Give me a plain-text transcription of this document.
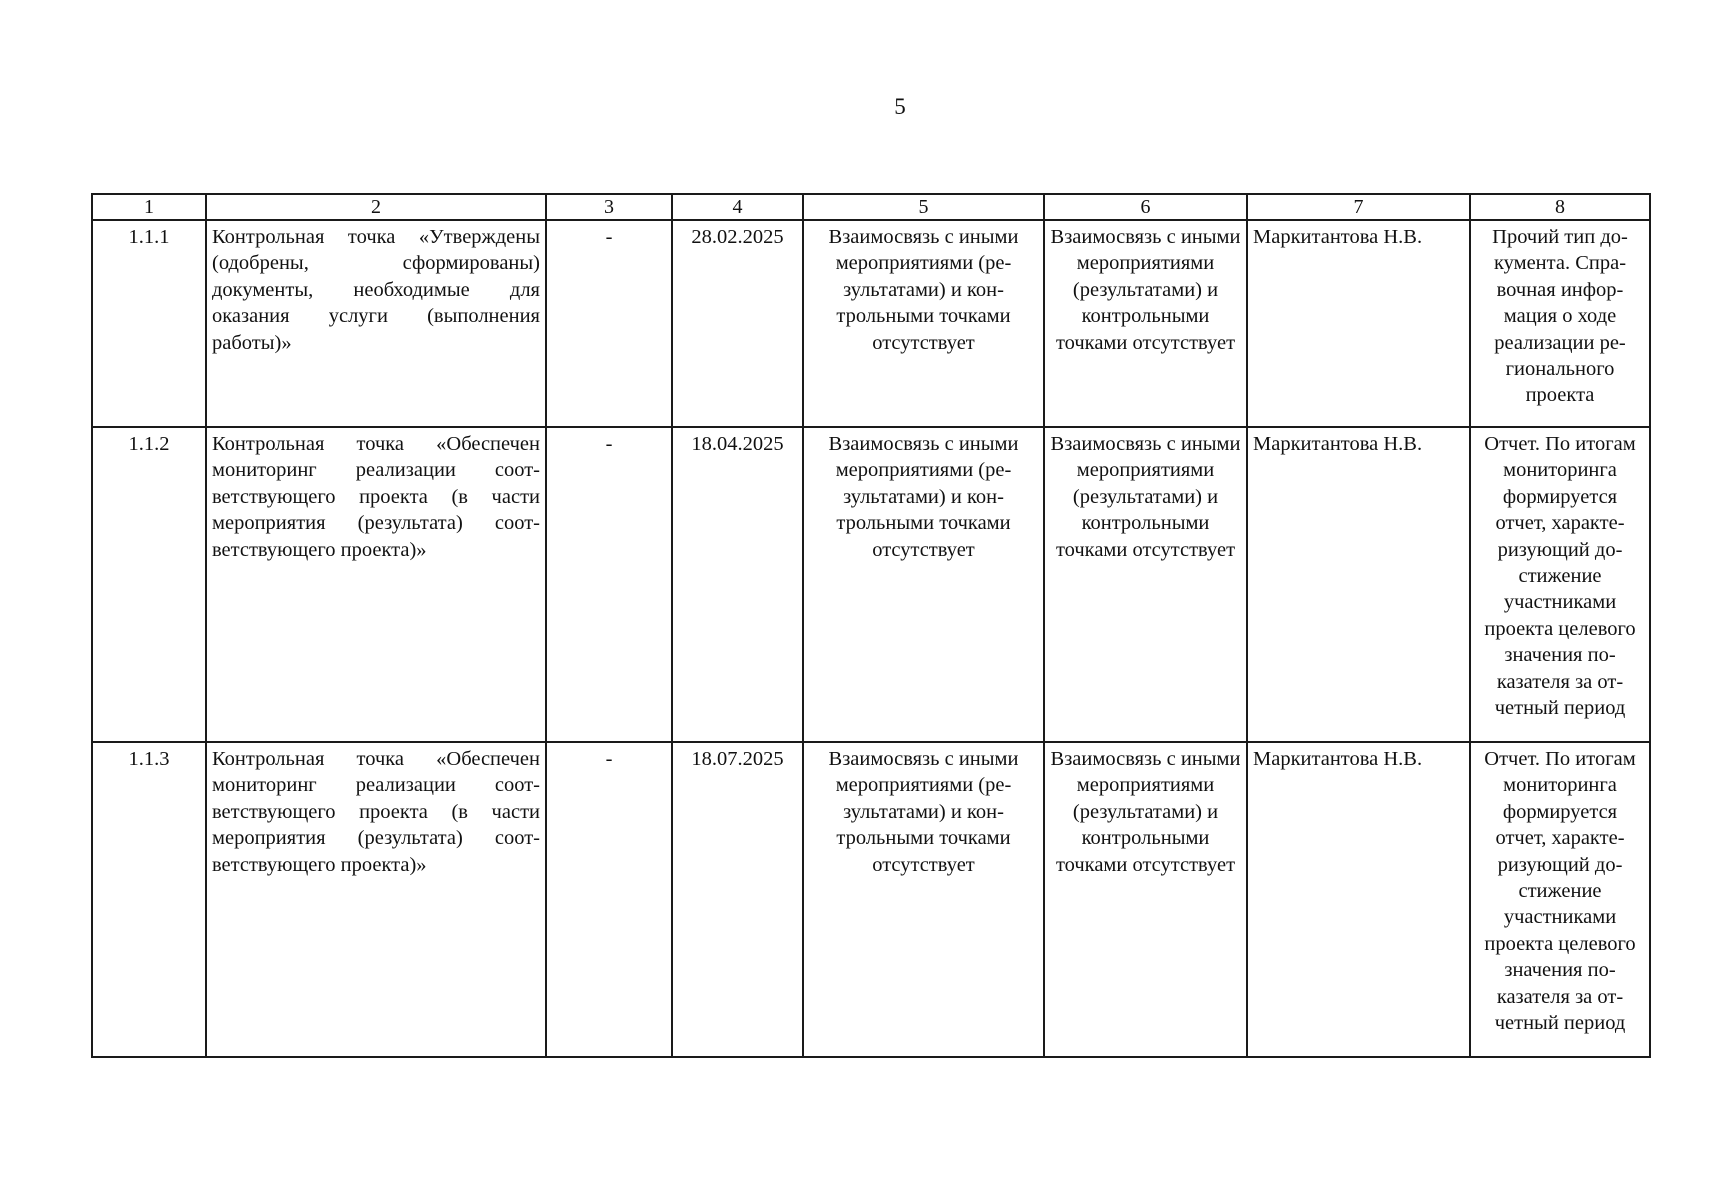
5
1	2	3	4	5	6	7	8
1.1.1	Контрольная точка «Утверждены (одобрены, сформированы) документы, необходимые для оказания услуги (выполнения работы)»	-	28.02.2025	Взаимосвязь с иными мероприятиями (результатами) и контрольными точками отсутствует	Взаимосвязь с иными мероприятиями (результатами) и контрольными точками отсутствует	Маркитантова Н.В.	Прочий тип документа. Справочная информация о ходе реализации регионального проекта
1.1.2	Контрольная точка «Обеспечен мониторинг реализации соответствующего проекта (в части мероприятия (результата) соответствующего проекта)»	-	18.04.2025	Взаимосвязь с иными мероприятиями (результатами) и контрольными точками отсутствует	Взаимосвязь с иными мероприятиями (результатами) и контрольными точками отсутствует	Маркитантова Н.В.	Отчет. По итогам мониторинга формируется отчет, характеризующий достижение участниками проекта целевого значения показателя за отчетный период
1.1.3	Контрольная точка «Обеспечен мониторинг реализации соответствующего проекта (в части мероприятия (результата) соответствующего проекта)»	-	18.07.2025	Взаимосвязь с иными мероприятиями (результатами) и контрольными точками отсутствует	Взаимосвязь с иными мероприятиями (результатами) и контрольными точками отсутствует	Маркитантова Н.В.	Отчет. По итогам мониторинга формируется отчет, характеризующий достижение участниками проекта целевого значения показателя за отчетный период
